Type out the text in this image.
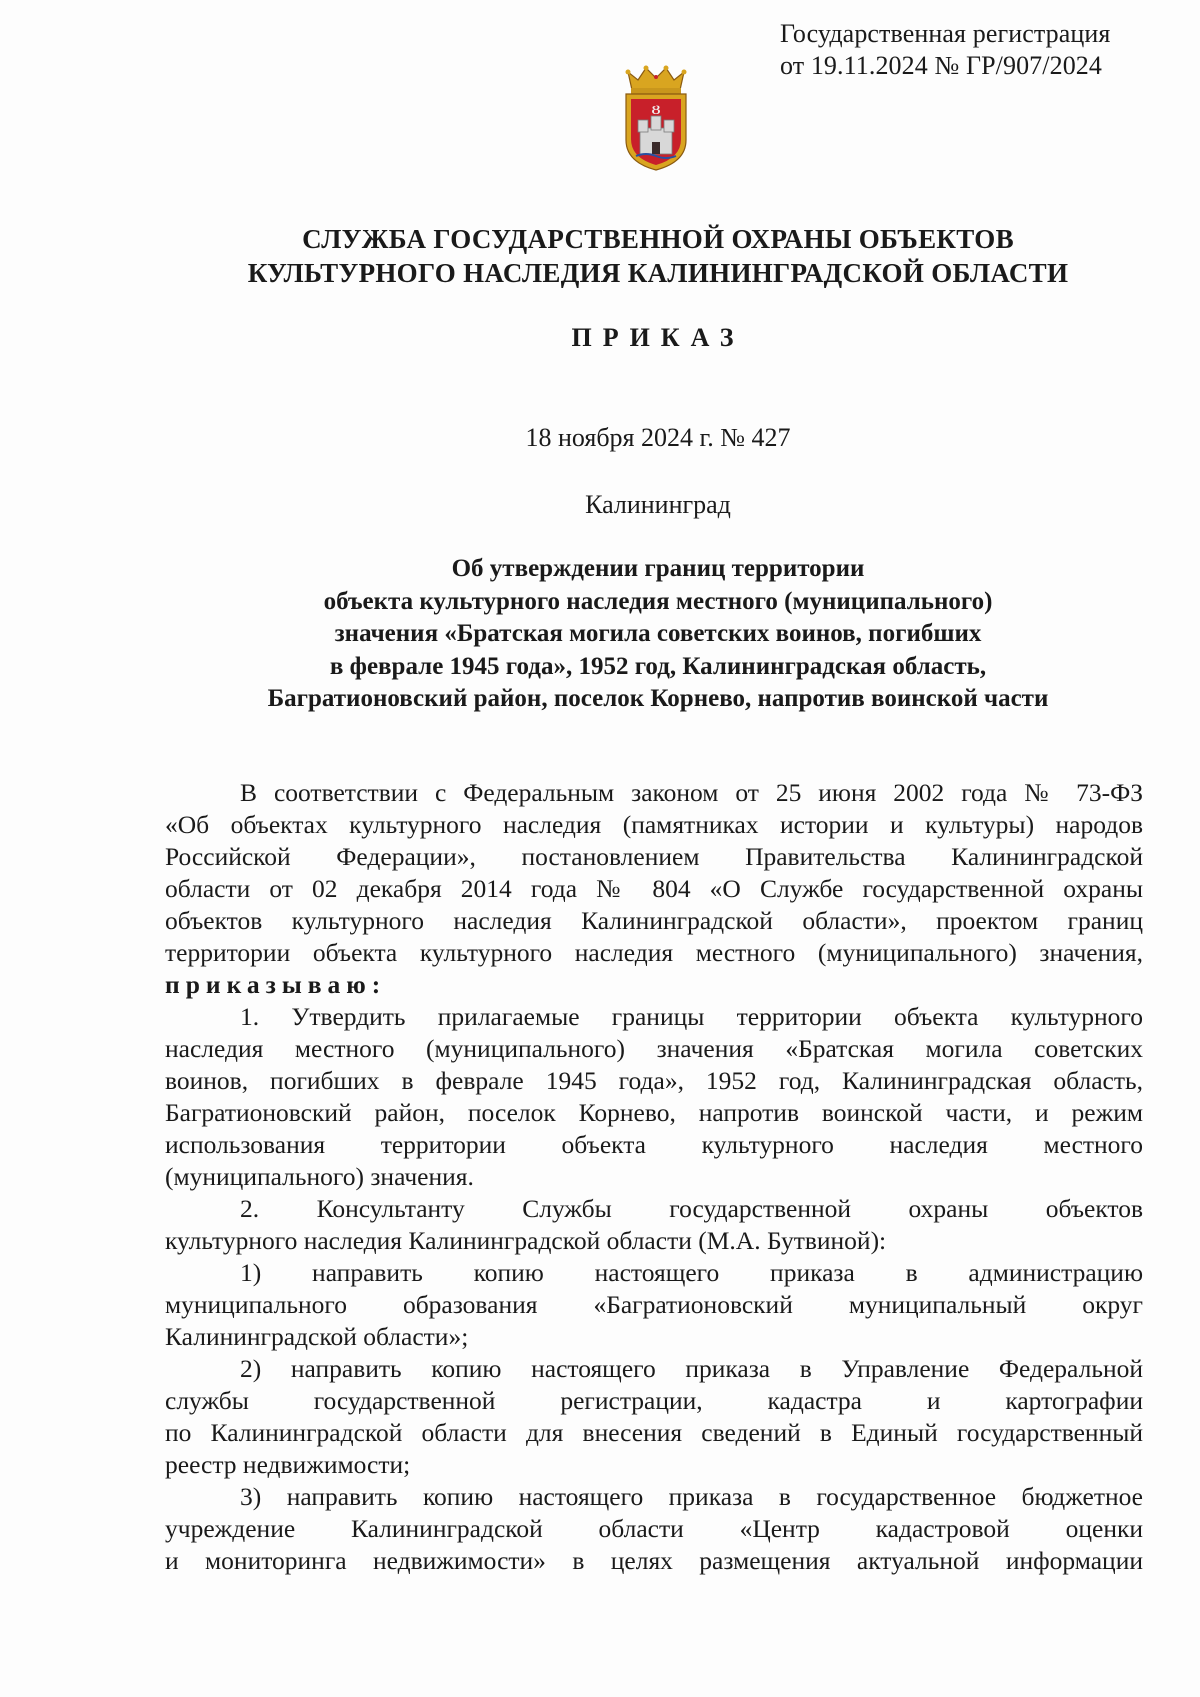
Государственная регистрация
от 19.11.2024 № ГР/907/2024
Ȣ
СЛУЖБА ГОСУДАРСТВЕННОЙ ОХРАНЫ ОБЪЕКТОВ
КУЛЬТУРНОГО НАСЛЕДИЯ КАЛИНИНГРАДСКОЙ ОБЛАСТИ
ПРИКАЗ
18 ноября 2024 г. № 427
Калининград
Об утверждении границ территории
объекта культурного наследия местного (муниципального)
значения «Братская могила советских воинов, погибших
в феврале 1945 года», 1952 год, Калининградская область,
Багратионовский район, поселок Корнево, напротив воинской части
В соответствии с Федеральным законом от 25 июня 2002 года № 73-ФЗ
«Об объектах культурного наследия (памятниках истории и культуры) народов
Российской Федерации», постановлением Правительства Калининградской
области от 02 декабря 2014 года № 804 «О Службе государственной охраны
объектов культурного наследия Калининградской области», проектом границ
территории объекта культурного наследия местного (муниципального) значения,
приказываю:
1. Утвердить прилагаемые границы территории объекта культурного
наследия местного (муниципального) значения «Братская могила советских
воинов, погибших в феврале 1945 года», 1952 год, Калининградская область,
Багратионовский район, поселок Корнево, напротив воинской части, и режим
использования территории объекта культурного наследия местного
(муниципального) значения.
2. Консультанту Службы государственной охраны объектов
культурного наследия Калининградской области (М.А. Бутвиной):
1) направить копию настоящего приказа в администрацию
муниципального образования «Багратионовский муниципальный округ
Калининградской области»;
2) направить копию настоящего приказа в Управление Федеральной
службы государственной регистрации, кадастра и картографии
по Калининградской области для внесения сведений в Единый государственный
реестр недвижимости;
3) направить копию настоящего приказа в государственное бюджетное
учреждение Калининградской области «Центр кадастровой оценки
и мониторинга недвижимости» в целях размещения актуальной информации
